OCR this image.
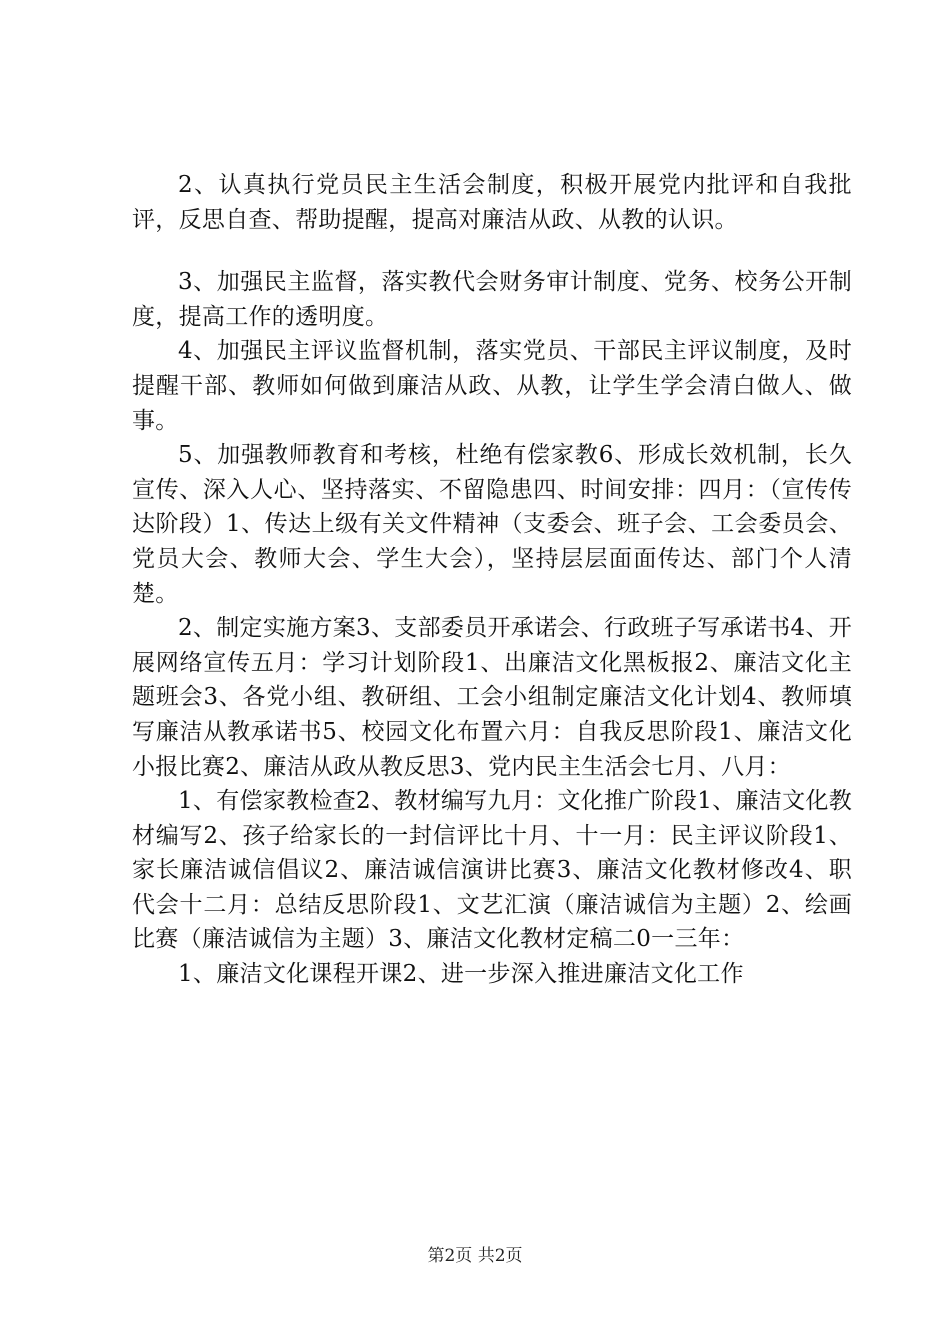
2、认真执行党员民主生活会制度，积极开展党内批评和自我批评，反思自查、帮助提醒，提高对廉洁从政、从教的认识。

3、加强民主监督，落实教代会财务审计制度、党务、校务公开制度，提高工作的透明度。

4、加强民主评议监督机制，落实党员、干部民主评议制度，及时提醒干部、教师如何做到廉洁从政、从教，让学生学会清白做人、做事。

5、加强教师教育和考核，杜绝有偿家教6、形成长效机制，长久宣传、深入人心、坚持落实、不留隐患四、时间安排：四月：（宣传传达阶段）1、传达上级有关文件精神（支委会、班子会、工会委员会、党员大会、教师大会、学生大会），坚持层层面面传达、部门个人清楚。

2、制定实施方案3、支部委员开承诺会、行政班子写承诺书4、开展网络宣传五月：学习计划阶段1、出廉洁文化黑板报2、廉洁文化主题班会3、各党小组、教研组、工会小组制定廉洁文化计划4、教师填写廉洁从教承诺书5、校园文化布置六月：自我反思阶段1、廉洁文化小报比赛2、廉洁从政从教反思3、党内民主生活会七月、八月：

1、有偿家教检查2、教材编写九月：文化推广阶段1、廉洁文化教材编写2、孩子给家长的一封信评比十月、十一月：民主评议阶段1、家长廉洁诚信倡议2、廉洁诚信演讲比赛3、廉洁文化教材修改4、职代会十二月：总结反思阶段1、文艺汇演（廉洁诚信为主题）2、绘画比赛（廉洁诚信为主题）3、廉洁文化教材定稿二0一三年：

1、廉洁文化课程开课2、进一步深入推进廉洁文化工作

第2页 共2页
